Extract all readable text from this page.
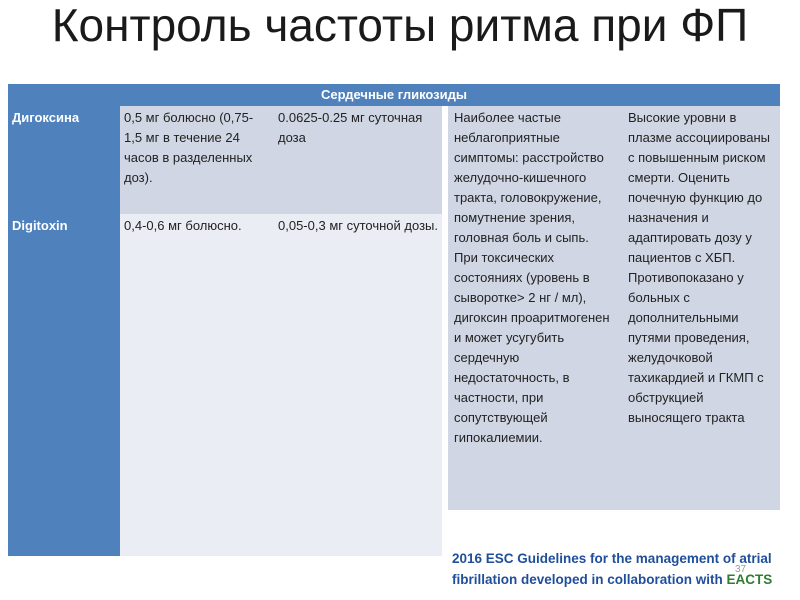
Контроль частоты ритма при ФП
Сердечные гликозиды
Дигоксина
Digitoxin
0,5 мг болюсно (0,75-1,5 мг в течение 24 часов в разделенных доз).
0.0625-0.25 мг суточная доза
0,4-0,6 мг болюсно.	0,05-0,3 мг суточной дозы.
Наиболее частые неблагоприятные симптомы: расстройство желудочно-кишечного тракта, головокружение, помутнение зрения, головная боль и сыпь. При токсических состояниях (уровень в сыворотке> 2 нг / мл), дигоксин проаритмогенен и может усугубить сердечную недостаточность, в частности, при сопутствующей гипокалиемии.
Высокие уровни в плазме ассоциированы с повышенным риском смерти. Оценить почечную функцию до назначения и адаптировать дозу у пациентов с ХБП. Противопоказано у больных с дополнительными путями проведения, желудочковой тахикардией и ГКМП с обструкцией выносящего тракта
2016 ESC Guidelines for the management of atrial
fibrillation developed in collaboration with EACTS
37
